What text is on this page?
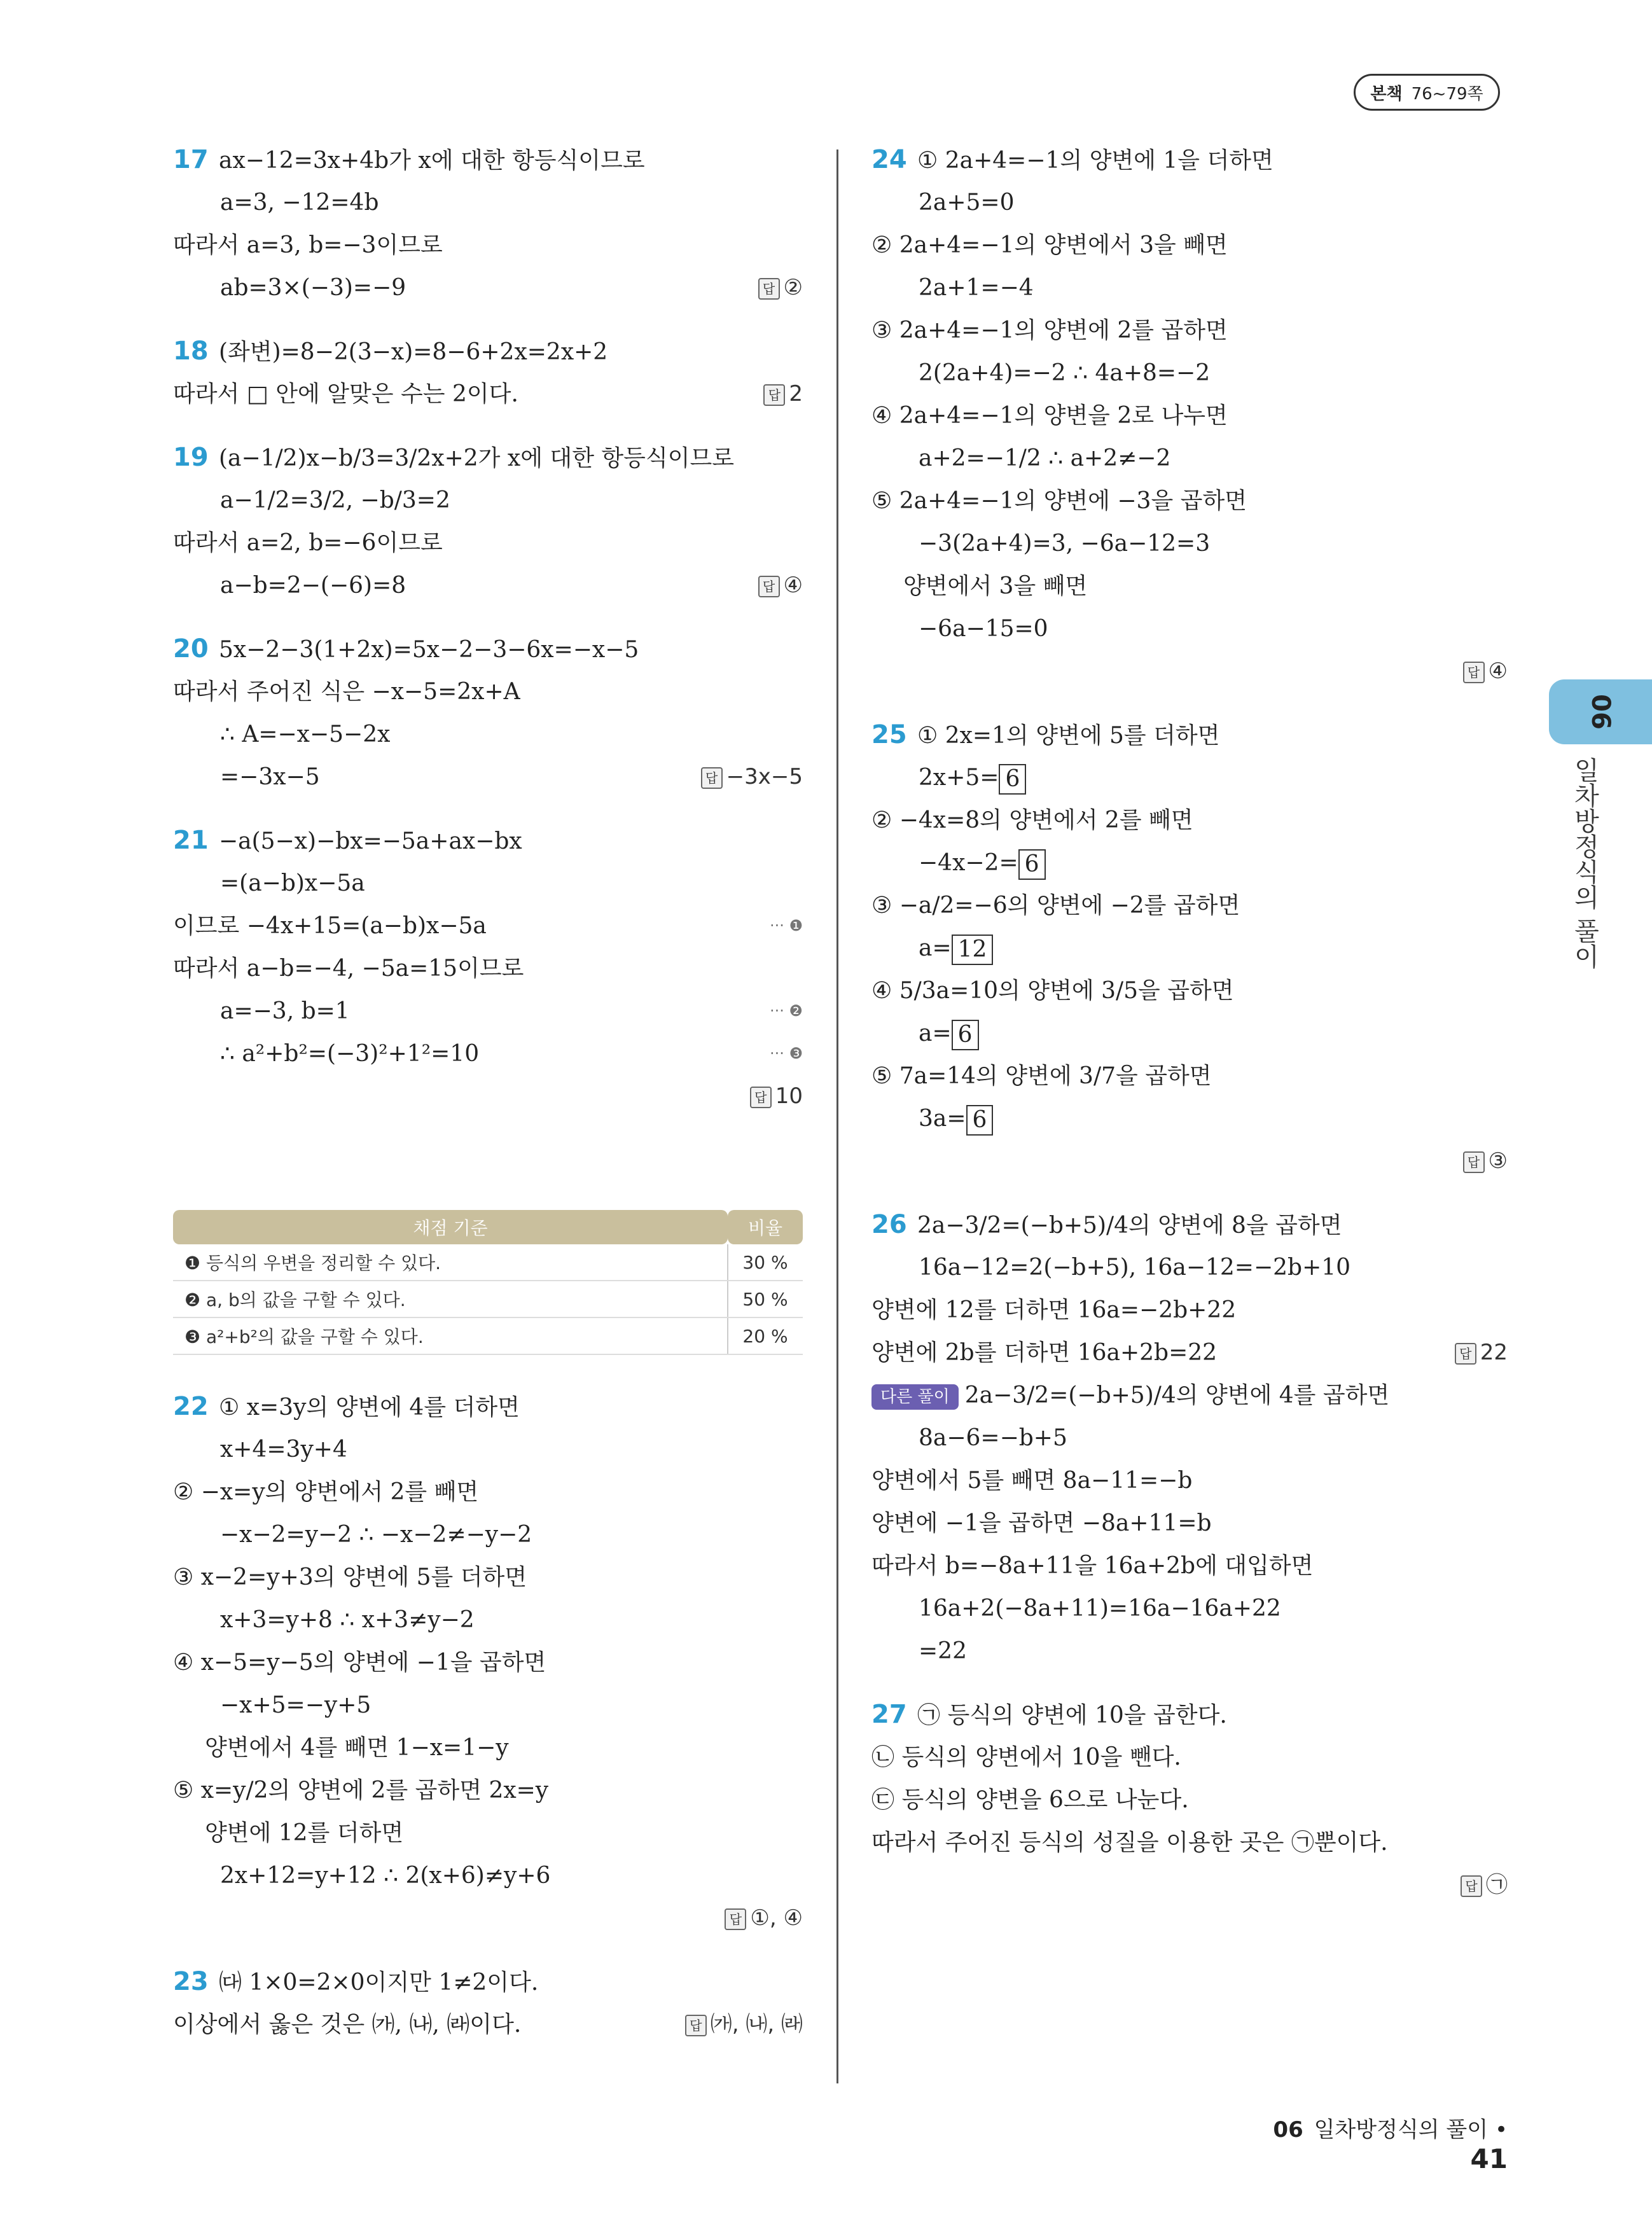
본책 76~79쪽
17 ax−12=3x+4b가 x에 대한 항등식이므로
a=3, −12=4b
따라서 a=3, b=−3이므로
ab=3×(−3)=−9	답 ②
18 (좌변)=8−2(3−x)=8−6+2x=2x+2
따라서 □ 안에 알맞은 수는 2이다.	답 2
19 (a−1/2)x−b/3=3/2x+2가 x에 대한 항등식이므로
a−1/2=3/2, −b/3=2
따라서 a=2, b=−6이므로
a−b=2−(−6)=8	답 ④
20 5x−2−3(1+2x)=5x−2−3−6x=−x−5
따라서 주어진 식은 −x−5=2x+A
∴ A=−x−5−2x
=−3x−5	답 −3x−5
21 −a(5−x)−bx=−5a+ax−bx
=(a−b)x−5a
이므로 −4x+15=(a−b)x−5a	··· ❶
따라서 a−b=−4, −5a=15이므로
a=−3, b=1	··· ❷
∴ a²+b²=(−3)²+1²=10	··· ❸
답 10
채점 기준	비율
❶ 등식의 우변을 정리할 수 있다.	30 %
❷ a, b의 값을 구할 수 있다.	50 %
❸ a²+b²의 값을 구할 수 있다.	20 %
22 ① x=3y의 양변에 4를 더하면
x+4=3y+4
② −x=y의 양변에서 2를 빼면
−x−2=y−2 ∴ −x−2≠−y−2
③ x−2=y+3의 양변에 5를 더하면
x+3=y+8 ∴ x+3≠y−2
④ x−5=y−5의 양변에 −1을 곱하면
−x+5=−y+5
양변에서 4를 빼면 1−x=1−y
⑤ x=y/2의 양변에 2를 곱하면 2x=y
양변에 12를 더하면
2x+12=y+12 ∴ 2(x+6)≠y+6
답 ①, ④
23 ㈐ 1×0=2×0이지만 1≠2이다.
이상에서 옳은 것은 ㈎, ㈏, ㈑이다.	답 ㈎, ㈏, ㈑
24 ① 2a+4=−1의 양변에 1을 더하면
2a+5=0
② 2a+4=−1의 양변에서 3을 빼면
2a+1=−4
③ 2a+4=−1의 양변에 2를 곱하면
2(2a+4)=−2 ∴ 4a+8=−2
④ 2a+4=−1의 양변을 2로 나누면
a+2=−1/2 ∴ a+2≠−2
⑤ 2a+4=−1의 양변에 −3을 곱하면
−3(2a+4)=3, −6a−12=3
양변에서 3을 빼면
−6a−15=0
답 ④
25 ① 2x=1의 양변에 5를 더하면
2x+5= 6
② −4x=8의 양변에서 2를 빼면
−4x−2= 6
③ −a/2=−6의 양변에 −2를 곱하면
a= 12
④ 5/3a=10의 양변에 3/5을 곱하면
a= 6
⑤ 7a=14의 양변에 3/7을 곱하면
3a= 6
답 ③
26 2a−3/2=(−b+5)/4의 양변에 8을 곱하면
16a−12=2(−b+5), 16a−12=−2b+10
양변에 12를 더하면 16a=−2b+22
양변에 2b를 더하면 16a+2b=22	답 22
다른 풀이 2a−3/2=(−b+5)/4의 양변에 4를 곱하면
8a−6=−b+5
양변에서 5를 빼면 8a−11=−b
양변에 −1을 곱하면 −8a+11=b
따라서 b=−8a+11을 16a+2b에 대입하면
16a+2(−8a+11)=16a−16a+22
=22
27 ㉠ 등식의 양변에 10을 곱한다.
㉡ 등식의 양변에서 10을 뺀다.
㉢ 등식의 양변을 6으로 나눈다.
따라서 주어진 등식의 성질을 이용한 곳은 ㉠뿐이다.
답 ㉠
06
일차방정식의 풀이
06 일차방정식의 풀이 • 41
